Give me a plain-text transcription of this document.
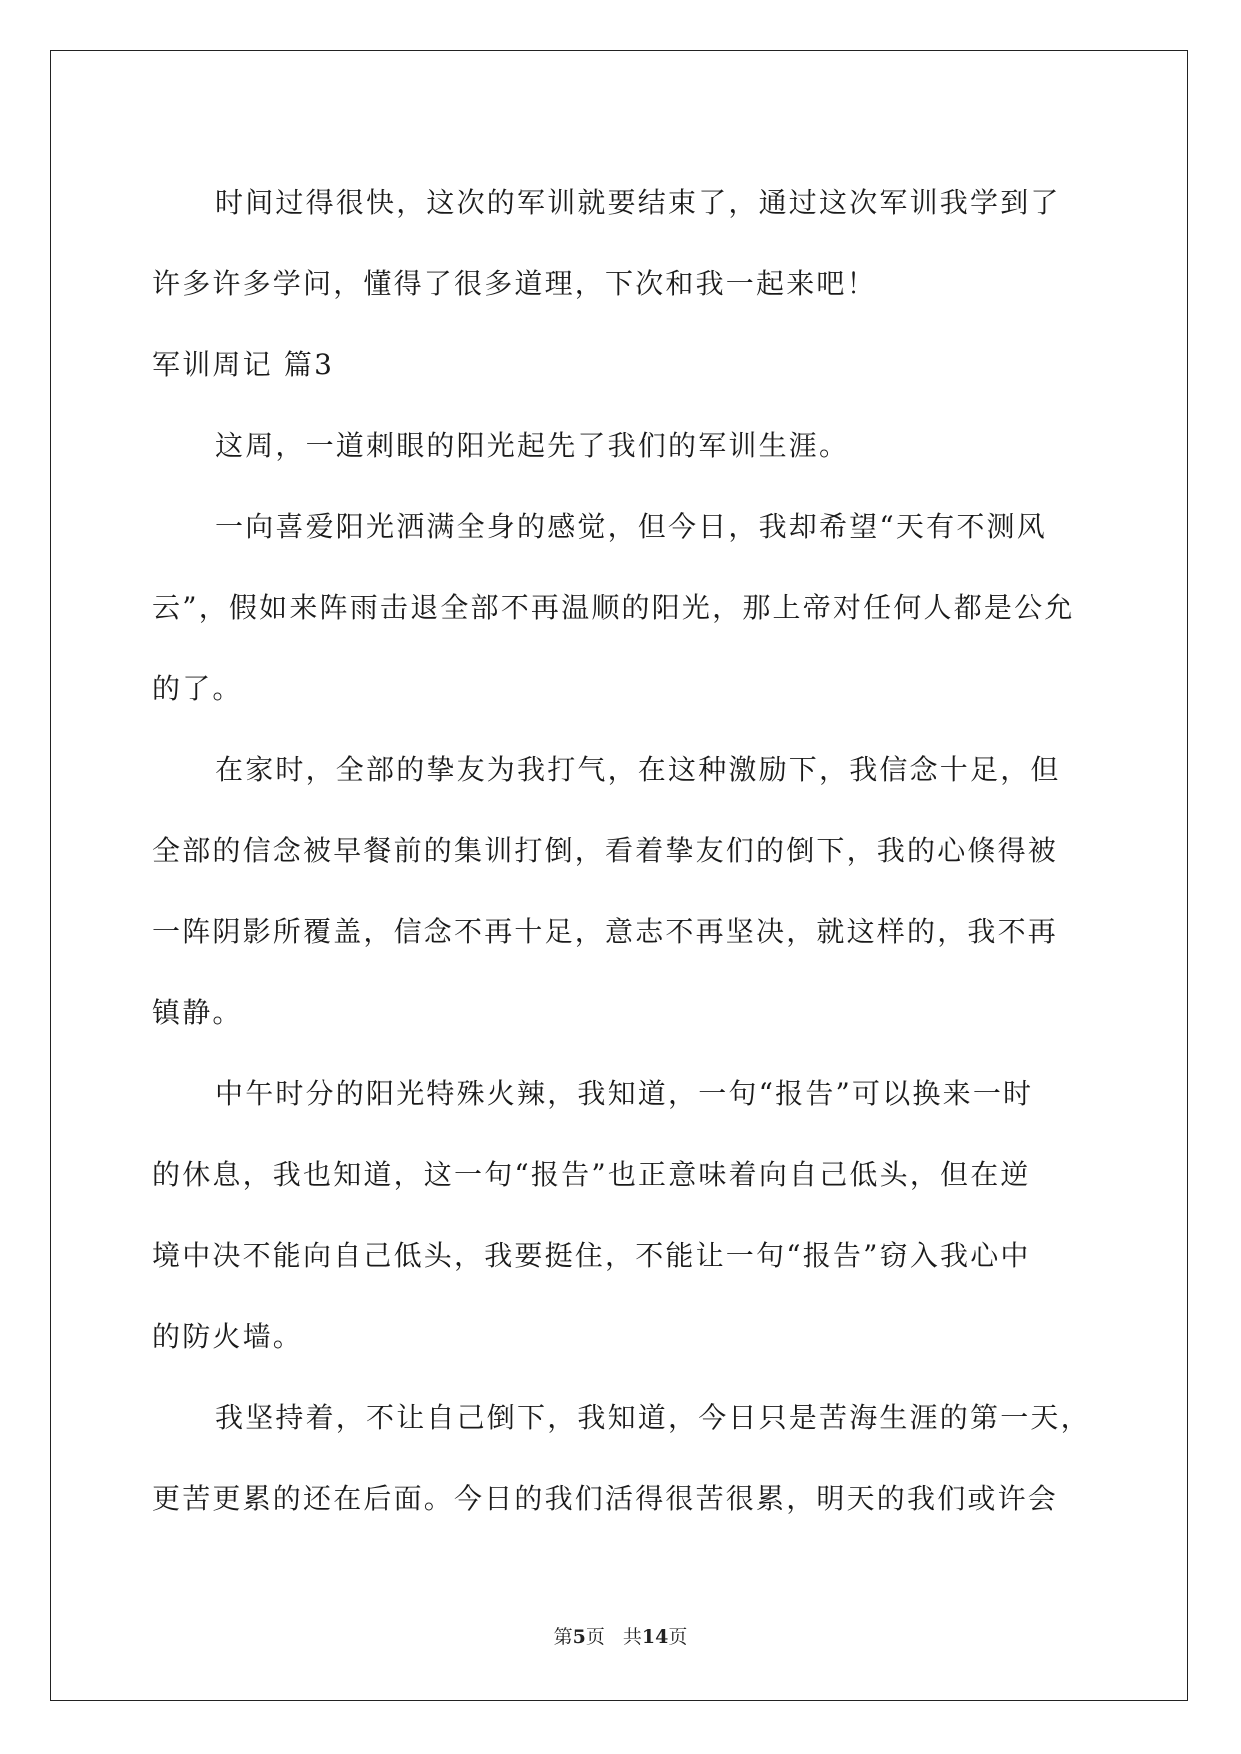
时间过得很快，这次的军训就要结束了，通过这次军训我学到了
许多许多学问，懂得了很多道理，下次和我一起来吧！
军训周记 篇3
这周，一道刺眼的阳光起先了我们的军训生涯。
一向喜爱阳光洒满全身的感觉，但今日，我却希望“天有不测风
云”，假如来阵雨击退全部不再温顺的阳光，那上帝对任何人都是公允
的了。
在家时，全部的挚友为我打气，在这种激励下，我信念十足，但
全部的信念被早餐前的集训打倒，看着挚友们的倒下，我的心倏得被
一阵阴影所覆盖，信念不再十足，意志不再坚决，就这样的，我不再
镇静。
中午时分的阳光特殊火辣，我知道，一句“报告”可以换来一时
的休息，我也知道，这一句“报告”也正意味着向自己低头，但在逆
境中决不能向自己低头，我要挺住，不能让一句“报告”窃入我心中
的防火墙。
我坚持着，不让自己倒下，我知道，今日只是苦海生涯的第一天，
更苦更累的还在后面。今日的我们活得很苦很累，明天的我们或许会
第5页 共14页
